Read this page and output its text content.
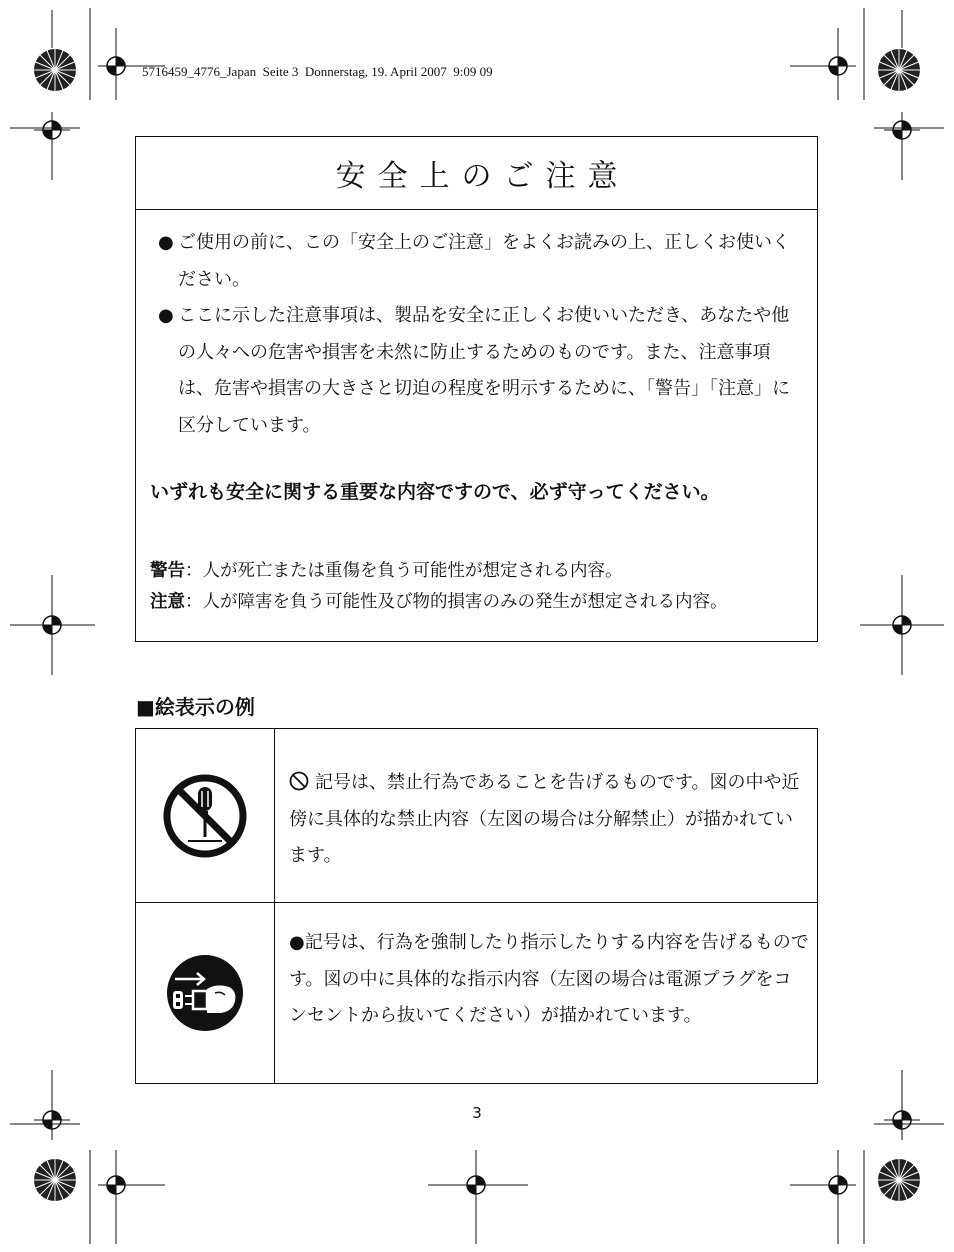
5716459_4776_Japan  Seite 3  Donnerstag, 19. April 2007  9:09 09
安全上のご注意

● ご使用の前に、この「安全上のご注意」をよくお読みの上、正しくお使いください。

● ここに示した注意事項は、製品を安全に正しくお使いいただき、あなたや他の人々への危害や損害を未然に防止するためのものです。また、注意事項は、危害や損害の大きさと切迫の程度を明示するために、「警告」「注意」に区分しています。

いずれも安全に関する重要な内容ですので、必ず守ってください。
警告：人が死亡または重傷を負う可能性が想定される内容。
注意：人が障害を負う可能性及び物的損害のみの発生が想定される内容。
■絵表示の例
記号は、禁止行為であることを告げるものです。図の中や近傍に具体的な禁止内容（左図の場合は分解禁止）が描かれています。
●記号は、行為を強制したり指示したりする内容を告げるものです。図の中に具体的な指示内容（左図の場合は電源プラグをコンセントから抜いてください）が描かれています。
3
